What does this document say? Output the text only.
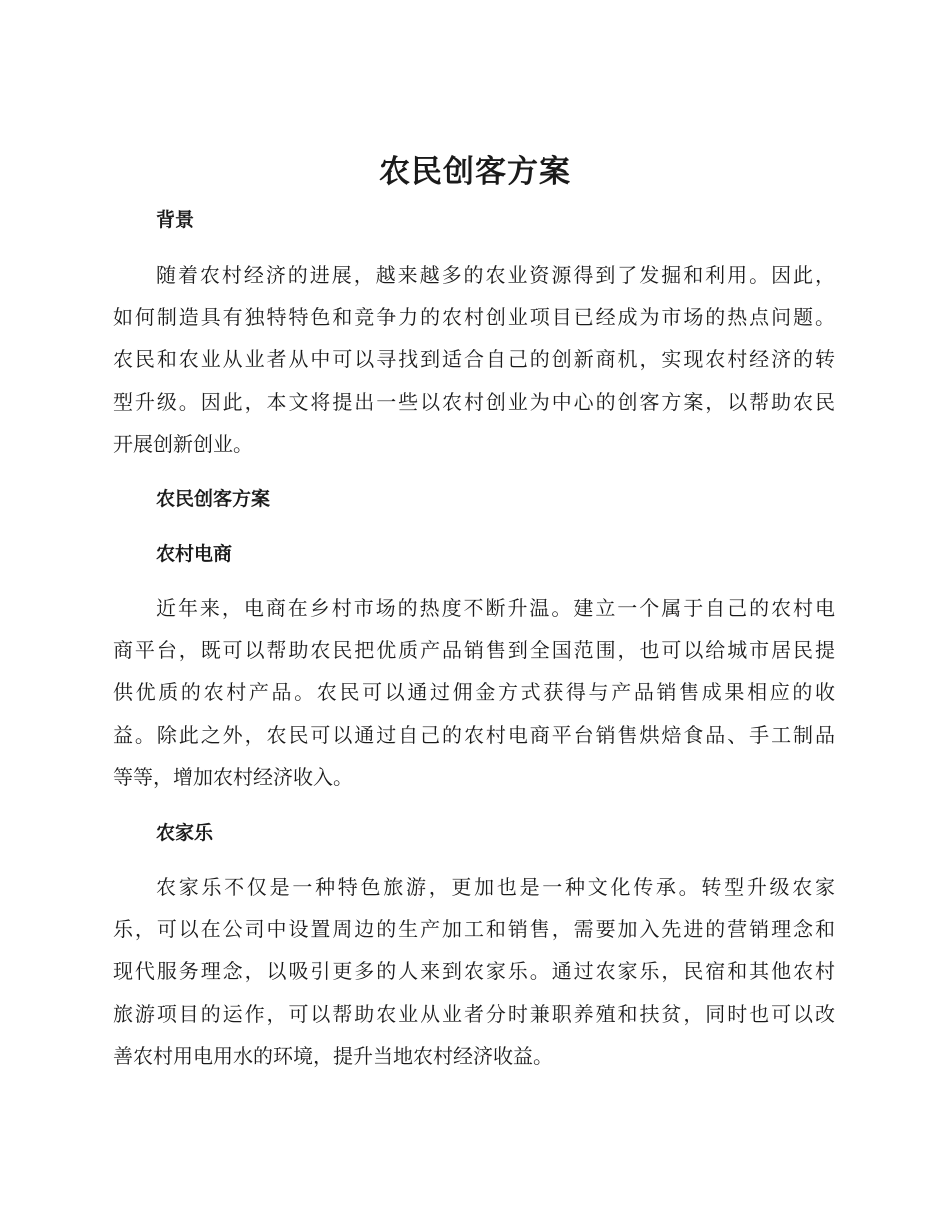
农民创客方案
背景
随着农村经济的进展，越来越多的农业资源得到了发掘和利用。因此，
如何制造具有独特特色和竞争力的农村创业项目已经成为市场的热点问题。
农民和农业从业者从中可以寻找到适合自己的创新商机，实现农村经济的转
型升级。因此，本文将提出一些以农村创业为中心的创客方案，以帮助农民
开展创新创业。
农民创客方案
农村电商
近年来，电商在乡村市场的热度不断升温。建立一个属于自己的农村电
商平台，既可以帮助农民把优质产品销售到全国范围，也可以给城市居民提
供优质的农村产品。农民可以通过佣金方式获得与产品销售成果相应的收
益。除此之外，农民可以通过自己的农村电商平台销售烘焙食品、手工制品
等等，增加农村经济收入。
农家乐
农家乐不仅是一种特色旅游，更加也是一种文化传承。转型升级农家
乐，可以在公司中设置周边的生产加工和销售，需要加入先进的营销理念和
现代服务理念，以吸引更多的人来到农家乐。通过农家乐，民宿和其他农村
旅游项目的运作，可以帮助农业从业者分时兼职养殖和扶贫，同时也可以改
善农村用电用水的环境，提升当地农村经济收益。
